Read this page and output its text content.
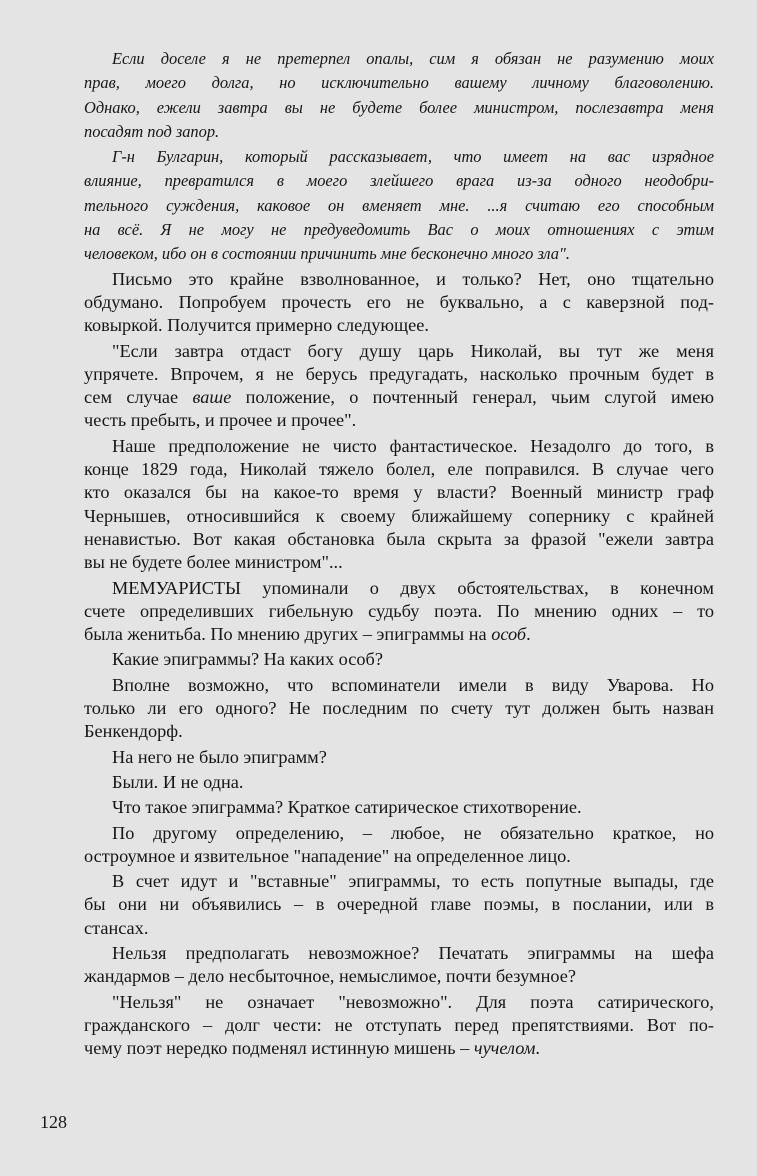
Если доселе я не претерпел опалы, сим я обязан не разумению моих
прав, моего долга, но исключительно вашему личному благоволению.
Однако, ежели завтра вы не будете более министром, послезавтра меня
посадят под запор.
Г-н Булгарин, который рассказывает, что имеет на вас изрядное
влияние, превратился в моего злейшего врага из-за одного неодобри-
тельного суждения, каковое он вменяет мне. ...я считаю его способным
на всё. Я не могу не предуведомить Вас о моих отношениях с этим
человеком, ибо он в состоянии причинить мне бесконечно много зла".
Письмо это крайне взволнованное, и только? Нет, оно тщательно
обдумано. Попробуем прочесть его не буквально, а с каверзной под-
ковыркой. Получится примерно следующее.
"Если завтра отдаст богу душу царь Николай, вы тут же меня
упрячете. Впрочем, я не берусь предугадать, насколько прочным будет в
сем случае ваше положение, о почтенный генерал, чьим слугой имею
честь пребыть, и прочее и прочее".
Наше предположение не чисто фантастическое. Незадолго до того, в
конце 1829 года, Николай тяжело болел, еле поправился. В случае чего
кто оказался бы на какое-то время у власти? Военный министр граф
Чернышев, относившийся к своему ближайшему сопернику с крайней
ненавистью. Вот какая обстановка была скрыта за фразой "ежели завтра
вы не будете более министром"...
МЕМУАРИСТЫ упоминали о двух обстоятельствах, в конечном
счете определивших гибельную судьбу поэта. По мнению одних – то
была женитьба. По мнению других – эпиграммы на особ.
Какие эпиграммы? На каких особ?
Вполне возможно, что вспоминатели имели в виду Уварова. Но
только ли его одного? Не последним по счету тут должен быть назван
Бенкендорф.
На него не было эпиграмм?
Были. И не одна.
Что такое эпиграмма? Краткое сатирическое стихотворение.
По другому определению, – любое, не обязательно краткое, но
остроумное и язвительное "нападение" на определенное лицо.
В счет идут и "вставные" эпиграммы, то есть попутные выпады, где
бы они ни объявились – в очередной главе поэмы, в послании, или в
стансах.
Нельзя предполагать невозможное? Печатать эпиграммы на шефа
жандармов – дело несбыточное, немыслимое, почти безумное?
"Нельзя" не означает "невозможно". Для поэта сатирического,
гражданского – долг чести: не отступать перед препятствиями. Вот по-
чему поэт нередко подменял истинную мишень – чучелом.
128
